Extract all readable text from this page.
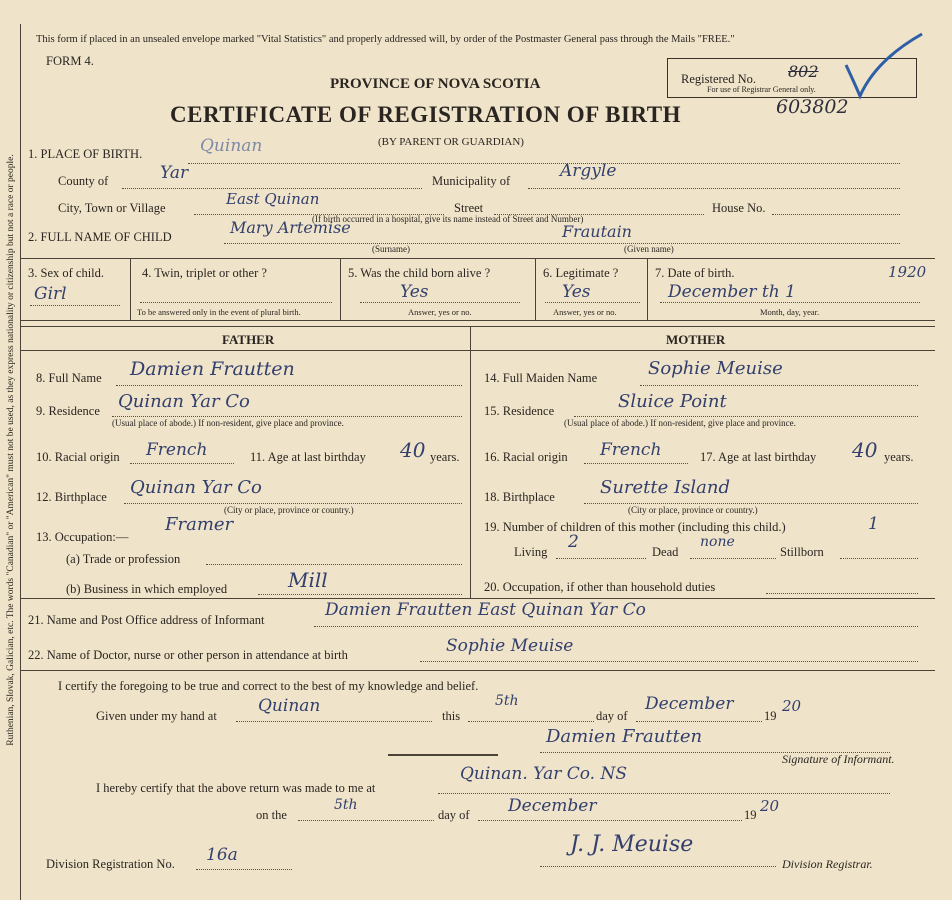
Ruthenian, Slovak, Galician, etc. The words "Canadian" or "American" must not be used, as they express nationality or citizenship but not a race or people.
This form if placed in an unsealed envelope marked "Vital Statistics" and properly addressed will, by order of the Postmaster General pass through the Mails "FREE."
FORM 4.
PROVINCE OF NOVA SCOTIA
CERTIFICATE OF REGISTRATION OF BIRTH
(BY PARENT OR GUARDIAN)
Registered No. 802
For use of Registrar General only.
603802
1. PLACE OF BIRTH.	Quinan
County of	Yar	Municipality of	Argyle
City, Town or Village	East Quinan	Street	House No.
(If birth occurred in a hospital, give its name instead of Street and Number)
2. FULL NAME OF CHILD	Mary Artemise	Frautain
(Surname)	(Given name)
3. Sex of child.
Girl
4. Twin, triplet or other ?
To be answered only in the event of plural birth.
5. Was the child born alive ?
Yes
Answer, yes or no.
6. Legitimate ?
Yes
Answer, yes or no.
7. Date of birth.	1920
December th 1
Month, day, year.
FATHER	MOTHER
8. Full Name Damien Frautten
9. Residence Quinan Yar Co
(Usual place of abode.) If non-resident, give place and province.
10. Racial origin French	11. Age at last birthday 40 years.
12. Birthplace Quinan Yar Co
(City or place, province or country.)
13. Occupation:—
Framer
(a) Trade or profession
(b) Business in which employed	Mill
14. Full Maiden Name	Sophie Meuise
15. Residence	Sluice Point
(Usual place of abode.) If non-resident, give place and province.
16. Racial origin French	17. Age at last birthday 40 years.
18. Birthplace	Surette Island
(City or place, province or country.)
19. Number of children of this mother (including this child.)	1
Living 2	Dead
none
Stillborn
20. Occupation, if other than household duties
21. Name and Post Office address of Informant	Damien Frautten East Quinan Yar Co
22. Name of Doctor, nurse or other person in attendance at birth	Sophie Meuise
I certify the foregoing to be true and correct to the best of my knowledge and belief.
Given under my hand at Quinan	this
5th
day of
December
19
20
Damien Frautten
Signature of Informant.
I hereby certify that the above return was made to me at
Quinan. Yar Co. NS
on the
5th
day of December	19 20
Division Registration No. 16a	J. J. Meuise
Division Registrar.
